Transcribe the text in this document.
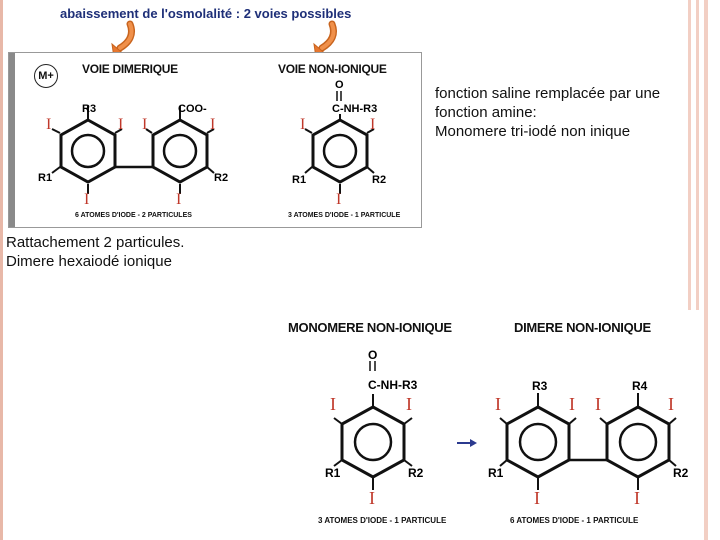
abaissement de l'osmolalité : 2 voies possibles
M+	VOIE DIMERIQUE	VOIE NON-IONIQUE
R3	COO-
R1	R2
I	I I	I
I	I
6 ATOMES D'IODE - 2 PARTICULES
O
C-NH-R3
R1	R2
I	I
I
3 ATOMES D'IODE - 1 PARTICULE
fonction saline remplacée par une
fonction amine:
Monomere tri-iodé non inique
Rattachement 2 particules.
Dimere hexaiodé ionique
MONOMERE NON-IONIQUE	DIMERE NON-IONIQUE
O
C-NH-R3
R1	R2
I	I
I
3 ATOMES D'IODE - 1 PARTICULE
R3	R4
R1	R2
I	I I	I
I	I
6 ATOMES D'IODE - 1 PARTICULE
